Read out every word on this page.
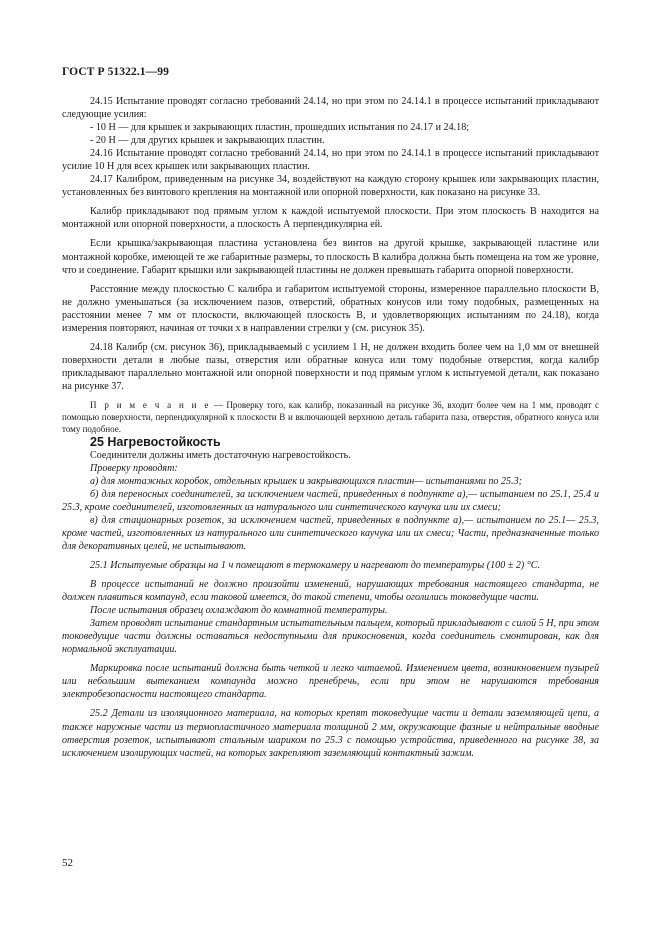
ГОСТ Р 51322.1—99

24.15 Испытание проводят согласно требований 24.14, но при этом по 24.14.1 в процессе испытаний прикладывают следующие усилия:

- 10 Н — для крышек и закрывающих пластин, прошедших испытания по 24.17 и 24.18;

- 20 Н — для других крышек и закрывающих пластин.

24.16 Испытание проводят согласно требований 24.14, но при этом по 24.14.1 в процессе испытаний прикладывают усилие 10 Н для всех крышек или закрывающих пластин.

24.17 Калибром, приведенным на рисунке 34, воздействуют на каждую сторону крышек или закрывающих пластин, установленных без винтового крепления на монтажной или опорной поверхности, как показано на рисунке 33.

Калибр прикладывают под прямым углом к каждой испытуемой плоскости. При этом плоскость В находится на монтажной или опорной поверхности, а плоскость А перпендикулярна ей.

Если крышка/закрывающая пластина установлена без винтов на другой крышке, закрывающей пластине или монтажной коробке, имеющей те же габаритные размеры, то плоскость В калибра должна быть помещена на том же уровне, что и соединение. Габарит крышки или закрывающей пластины не должен превышать габарита опорной поверхности.

Расстояние между плоскостью С калибра и габаритом испытуемой стороны, измеренное параллельно плоскости В, не должно уменьшаться (за исключением пазов, отверстий, обратных конусов или тому подобных, размещенных на расстоянии менее 7 мм от плоскости, включающей плоскость В, и удовлетворяющих испытаниям по 24.18), когда измерения повторяют, начиная от точки х в направлении стрелки у (см. рисунок 35).

24.18 Калибр (см. рисунок 36), прикладываемый с усилием 1 Н, не должен входить более чем на 1,0 мм от внешней поверхности детали в любые пазы, отверстия или обратные конуса или тому подобные отверстия, когда калибр прикладывают параллельно монтажной или опорной поверхности и под прямым углом к испытуемой детали, как показано на рисунке 37.

П р и м е ч а н и е — Проверку того, как калибр, показанный на рисунке 36, входит более чем на 1 мм, проводят с помощью поверхности, перпендикулярной к плоскости В и включающей верхнюю деталь габарита паза, отверстия, обратного конуса или тому подобное.

25 Нагревостойкость

Соединители должны иметь достаточную нагревостойкость.

Проверку проводят:

а) для монтажных коробок, отдельных крышек и закрывающихся пластин— испытаниями по 25.3;

б) для переносных соединителей, за исключением частей, приведенных в подпункте а),— испытанием по 25.1, 25.4 и 25.3, кроме соединителей, изготовленных из натурального или синтетического каучука или их смеси;

в) для стационарных розеток, за исключением частей, приведенных в подпункте а),— испытанием по 25.1— 25.3, кроме частей, изготовленных из натурального или синтетического каучука или их смеси; Части, предназначенные только для декоративных целей, не испытывают.

25.1 Испытуемые образцы на 1 ч помещают в термокамеру и нагревают до температуры (100 ± 2) °С.

В процессе испытаний не должно произойти изменений, нарушающих требования настоящего стандарта, не должен плавиться компаунд, если таковой имеется, до такой степени, чтобы оголились токоведущие части.

После испытания образец охлаждают до комнатной температуры.

Затем проводят испытание стандартным испытательным пальцем, который прикладывают с силой 5 Н, при этом токоведущие части должны оставаться недоступными для прикосновения, когда соединитель смонтирован, как для нормальной эксплуатации.

Маркировка после испытаний должна быть четкой и легко читаемой. Изменением цвета, возникновением пузырей или небольшим вытеканием компаунда можно пренебречь, если при этом не нарушаются требования электробезопасности настоящего стандарта.

25.2 Детали из изоляционного материала, на которых крепят токоведущие части и детали заземляющей цепи, а также наружные части из термопластичного материала толщиной 2 мм, окружающие фазные и нейтральные вводные отверстия розеток, испытывают стальным шариком по 25.3 с помощью устройства, приведенного на рисунке 38, за исключением изолирующих частей, на которых закрепляют заземляющий контактный зажим.

52
